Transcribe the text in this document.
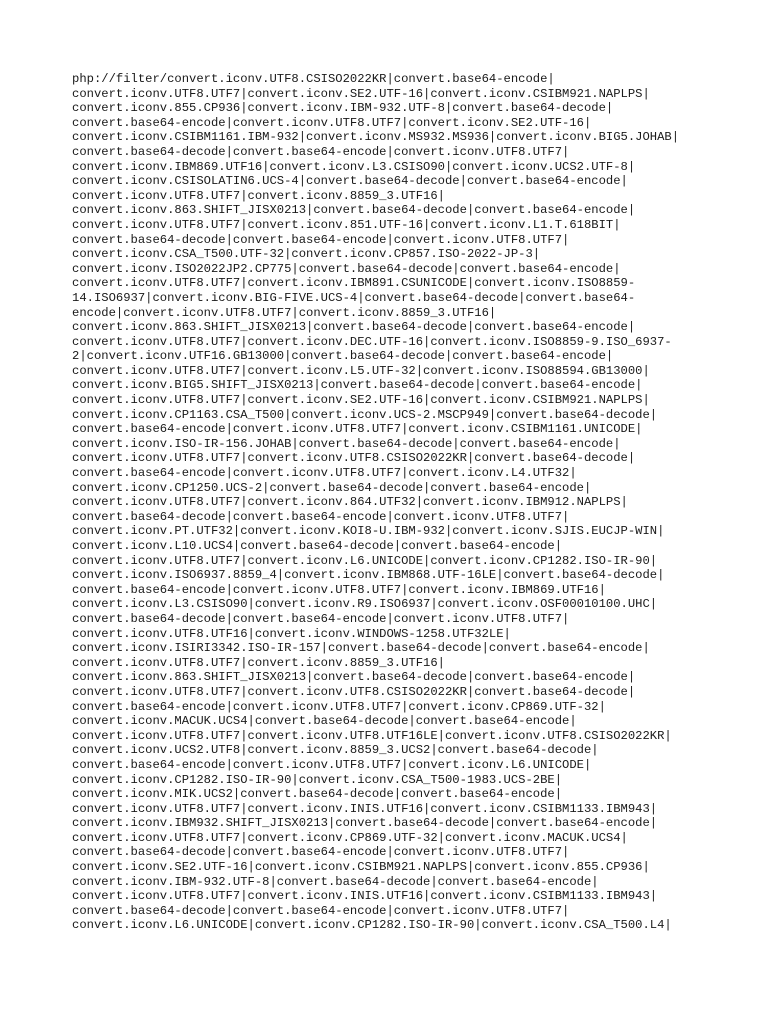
php://filter/convert.iconv.UTF8.CSISO2022KR|convert.base64-encode|
convert.iconv.UTF8.UTF7|convert.iconv.SE2.UTF-16|convert.iconv.CSIBM921.NAPLPS|
convert.iconv.855.CP936|convert.iconv.IBM-932.UTF-8|convert.base64-decode|
convert.base64-encode|convert.iconv.UTF8.UTF7|convert.iconv.SE2.UTF-16|
convert.iconv.CSIBM1161.IBM-932|convert.iconv.MS932.MS936|convert.iconv.BIG5.JOHAB|
convert.base64-decode|convert.base64-encode|convert.iconv.UTF8.UTF7|
convert.iconv.IBM869.UTF16|convert.iconv.L3.CSISO90|convert.iconv.UCS2.UTF-8|
convert.iconv.CSISOLATIN6.UCS-4|convert.base64-decode|convert.base64-encode|
convert.iconv.UTF8.UTF7|convert.iconv.8859_3.UTF16|
convert.iconv.863.SHIFT_JISX0213|convert.base64-decode|convert.base64-encode|
convert.iconv.UTF8.UTF7|convert.iconv.851.UTF-16|convert.iconv.L1.T.618BIT|
convert.base64-decode|convert.base64-encode|convert.iconv.UTF8.UTF7|
convert.iconv.CSA_T500.UTF-32|convert.iconv.CP857.ISO-2022-JP-3|
convert.iconv.ISO2022JP2.CP775|convert.base64-decode|convert.base64-encode|
convert.iconv.UTF8.UTF7|convert.iconv.IBM891.CSUNICODE|convert.iconv.ISO8859-
14.ISO6937|convert.iconv.BIG-FIVE.UCS-4|convert.base64-decode|convert.base64-
encode|convert.iconv.UTF8.UTF7|convert.iconv.8859_3.UTF16|
convert.iconv.863.SHIFT_JISX0213|convert.base64-decode|convert.base64-encode|
convert.iconv.UTF8.UTF7|convert.iconv.DEC.UTF-16|convert.iconv.ISO8859-9.ISO_6937-
2|convert.iconv.UTF16.GB13000|convert.base64-decode|convert.base64-encode|
convert.iconv.UTF8.UTF7|convert.iconv.L5.UTF-32|convert.iconv.ISO88594.GB13000|
convert.iconv.BIG5.SHIFT_JISX0213|convert.base64-decode|convert.base64-encode|
convert.iconv.UTF8.UTF7|convert.iconv.SE2.UTF-16|convert.iconv.CSIBM921.NAPLPS|
convert.iconv.CP1163.CSA_T500|convert.iconv.UCS-2.MSCP949|convert.base64-decode|
convert.base64-encode|convert.iconv.UTF8.UTF7|convert.iconv.CSIBM1161.UNICODE|
convert.iconv.ISO-IR-156.JOHAB|convert.base64-decode|convert.base64-encode|
convert.iconv.UTF8.UTF7|convert.iconv.UTF8.CSISO2022KR|convert.base64-decode|
convert.base64-encode|convert.iconv.UTF8.UTF7|convert.iconv.L4.UTF32|
convert.iconv.CP1250.UCS-2|convert.base64-decode|convert.base64-encode|
convert.iconv.UTF8.UTF7|convert.iconv.864.UTF32|convert.iconv.IBM912.NAPLPS|
convert.base64-decode|convert.base64-encode|convert.iconv.UTF8.UTF7|
convert.iconv.PT.UTF32|convert.iconv.KOI8-U.IBM-932|convert.iconv.SJIS.EUCJP-WIN|
convert.iconv.L10.UCS4|convert.base64-decode|convert.base64-encode|
convert.iconv.UTF8.UTF7|convert.iconv.L6.UNICODE|convert.iconv.CP1282.ISO-IR-90|
convert.iconv.ISO6937.8859_4|convert.iconv.IBM868.UTF-16LE|convert.base64-decode|
convert.base64-encode|convert.iconv.UTF8.UTF7|convert.iconv.IBM869.UTF16|
convert.iconv.L3.CSISO90|convert.iconv.R9.ISO6937|convert.iconv.OSF00010100.UHC|
convert.base64-decode|convert.base64-encode|convert.iconv.UTF8.UTF7|
convert.iconv.UTF8.UTF16|convert.iconv.WINDOWS-1258.UTF32LE|
convert.iconv.ISIRI3342.ISO-IR-157|convert.base64-decode|convert.base64-encode|
convert.iconv.UTF8.UTF7|convert.iconv.8859_3.UTF16|
convert.iconv.863.SHIFT_JISX0213|convert.base64-decode|convert.base64-encode|
convert.iconv.UTF8.UTF7|convert.iconv.UTF8.CSISO2022KR|convert.base64-decode|
convert.base64-encode|convert.iconv.UTF8.UTF7|convert.iconv.CP869.UTF-32|
convert.iconv.MACUK.UCS4|convert.base64-decode|convert.base64-encode|
convert.iconv.UTF8.UTF7|convert.iconv.UTF8.UTF16LE|convert.iconv.UTF8.CSISO2022KR|
convert.iconv.UCS2.UTF8|convert.iconv.8859_3.UCS2|convert.base64-decode|
convert.base64-encode|convert.iconv.UTF8.UTF7|convert.iconv.L6.UNICODE|
convert.iconv.CP1282.ISO-IR-90|convert.iconv.CSA_T500-1983.UCS-2BE|
convert.iconv.MIK.UCS2|convert.base64-decode|convert.base64-encode|
convert.iconv.UTF8.UTF7|convert.iconv.INIS.UTF16|convert.iconv.CSIBM1133.IBM943|
convert.iconv.IBM932.SHIFT_JISX0213|convert.base64-decode|convert.base64-encode|
convert.iconv.UTF8.UTF7|convert.iconv.CP869.UTF-32|convert.iconv.MACUK.UCS4|
convert.base64-decode|convert.base64-encode|convert.iconv.UTF8.UTF7|
convert.iconv.SE2.UTF-16|convert.iconv.CSIBM921.NAPLPS|convert.iconv.855.CP936|
convert.iconv.IBM-932.UTF-8|convert.base64-decode|convert.base64-encode|
convert.iconv.UTF8.UTF7|convert.iconv.INIS.UTF16|convert.iconv.CSIBM1133.IBM943|
convert.base64-decode|convert.base64-encode|convert.iconv.UTF8.UTF7|
convert.iconv.L6.UNICODE|convert.iconv.CP1282.ISO-IR-90|convert.iconv.CSA_T500.L4|
